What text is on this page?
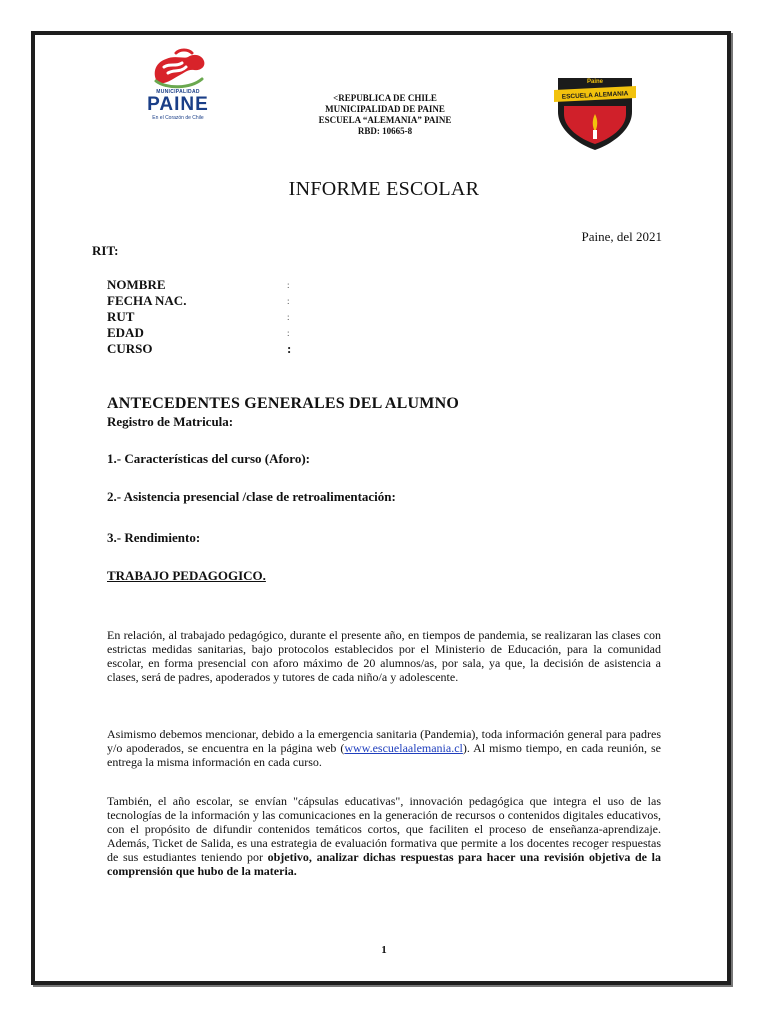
MUNICIPALIDAD
PAINE
En el Corazón de Chile
<REPUBLICA DE CHILE
MUNICIPALIDAD DE PAINE
ESCUELA “ALEMANIA” PAINE
RBD: 10665-8
Paine
ESCUELA ALEMANIA
INFORME ESCOLAR
Paine, del 2021
RIT:
NOMBRE	:
FECHA NAC.	:
RUT	:
EDAD	:
CURSO	:
ANTECEDENTES GENERALES DEL ALUMNO
Registro de Matricula:
1.- Características del curso (Aforo):
2.- Asistencia presencial /clase de retroalimentación:
3.- Rendimiento:
TRABAJO PEDAGOGICO.
En relación, al trabajado pedagógico, durante el presente año, en tiempos de pandemia, se realizaran las clases con estrictas medidas sanitarias, bajo protocolos establecidos por el Ministerio de Educación, para la comunidad escolar, en forma presencial con aforo máximo de 20 alumnos/as, por sala, ya que, la decisión de asistencia a clases, será de padres, apoderados y tutores de cada niño/a y adolescente.
Asimismo debemos mencionar, debido a la emergencia sanitaria (Pandemia), toda información general para padres y/o apoderados, se encuentra en la página web (www.escuelaalemania.cl). Al mismo tiempo, en cada reunión, se entrega la misma información en cada curso.
También, el año escolar, se envían "cápsulas educativas", innovación pedagógica que integra el uso de las tecnologías de la información y las comunicaciones en la generación de recursos o contenidos digitales educativos, con el propósito de difundir contenidos temáticos cortos, que faciliten el proceso de enseñanza-aprendizaje. Además, Ticket de Salida, es una estrategia de evaluación formativa que permite a los docentes recoger respuestas de sus estudiantes teniendo por objetivo, analizar dichas respuestas para hacer una revisión objetiva de la comprensión que hubo de la materia.
1
